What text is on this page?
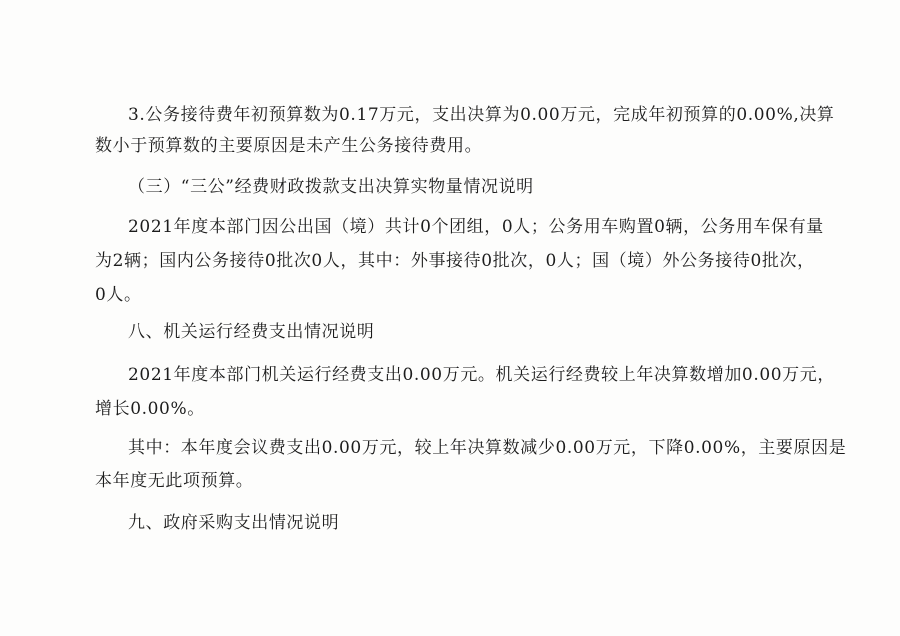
3.公务接待费年初预算数为0.17万元，支出决算为0.00万元，完成年初预算的0.00%,决算
数小于预算数的主要原因是未产生公务接待费用。
（三）“三公”经费财政拨款支出决算实物量情况说明
2021年度本部门因公出国（境）共计0个团组，0人；公务用车购置0辆，公务用车保有量
为2辆；国内公务接待0批次0人，其中：外事接待0批次，0人；国（境）外公务接待0批次，
0人。
八、机关运行经费支出情况说明
2021年度本部门机关运行经费支出0.00万元。机关运行经费较上年决算数增加0.00万元，
增长0.00%。
其中：本年度会议费支出0.00万元，较上年决算数减少0.00万元，下降0.00%，主要原因是
本年度无此项预算。
九、政府采购支出情况说明
